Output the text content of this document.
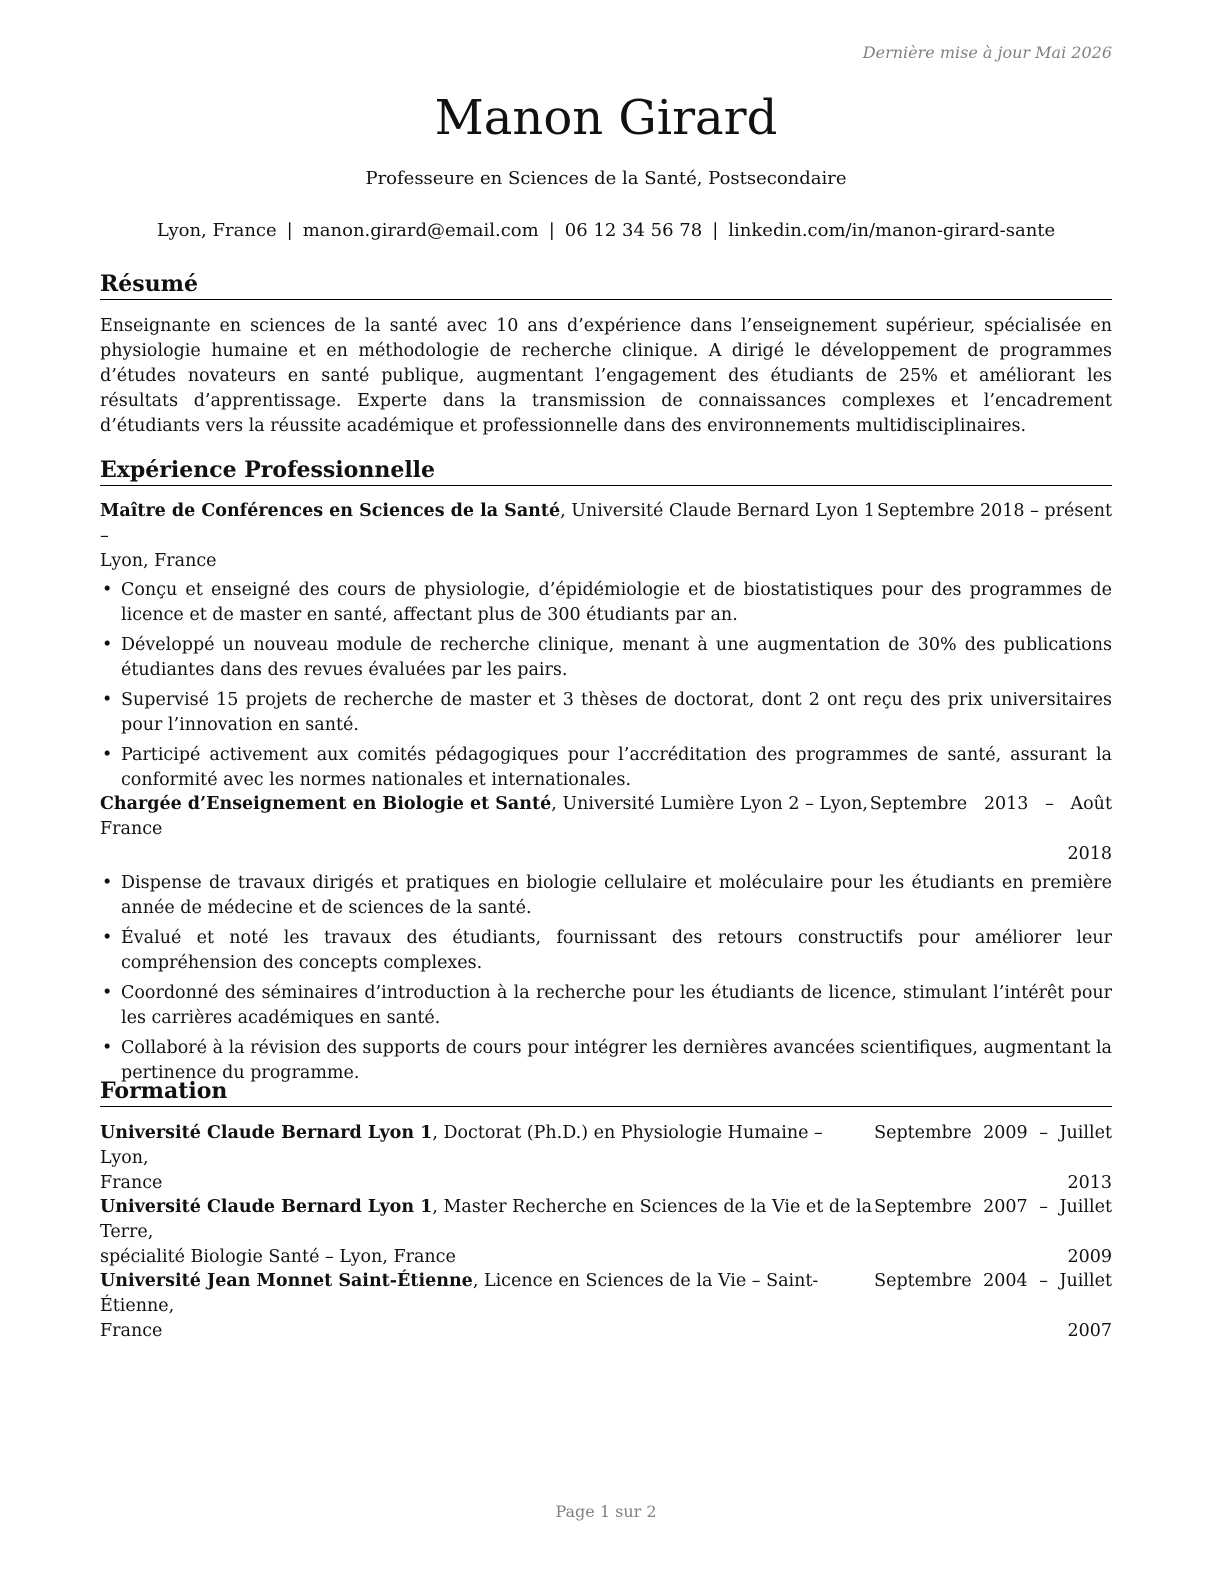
Dernière mise à jour Mai 2026
Manon Girard
Professeure en Sciences de la Santé, Postsecondaire
Lyon, France | manon.girard@email.com | 06 12 34 56 78 | linkedin.com/in/manon-girard-sante
Résumé
Enseignante en sciences de la santé avec 10 ans d’expérience dans l’enseignement supérieur, spécialisée en physiologie humaine et en méthodologie de recherche clinique. A dirigé le développement de programmes d’études novateurs en santé publique, augmentant l’engagement des étudiants de 25% et améliorant les résultats d’apprentissage. Experte dans la transmission de connaissances complexes et l’encadrement d’étudiants vers la réussite académique et professionnelle dans des environnements multidisciplinaires.
Expérience Professionnelle
Septembre 2018 – présent
Maître de Conférences en Sciences de la Santé, Université Claude Bernard Lyon 1 –
Lyon, France
• Conçu et enseigné des cours de physiologie, d’épidémiologie et de biostatistiques pour des programmes de licence et de master en santé, affectant plus de 300 étudiants par an.
• Développé un nouveau module de recherche clinique, menant à une augmentation de 30% des publications étudiantes dans des revues évaluées par les pairs.
• Supervisé 15 projets de recherche de master et 3 thèses de doctorat, dont 2 ont reçu des prix universitaires pour l’innovation en santé.
• Participé activement aux comités pédagogiques pour l’accréditation des programmes de santé, assurant la conformité avec les normes nationales et internationales.
Septembre   2013   –   Août
Chargée d’Enseignement en Biologie et Santé, Université Lumière Lyon 2 – Lyon, France
2018
• Dispense de travaux dirigés et pratiques en biologie cellulaire et moléculaire pour les étudiants en première année de médecine et de sciences de la santé.
• Évalué et noté les travaux des étudiants, fournissant des retours constructifs pour améliorer leur compréhension des concepts complexes.
• Coordonné des séminaires d’introduction à la recherche pour les étudiants de licence, stimulant l’intérêt pour les carrières académiques en santé.
• Collaboré à la révision des supports de cours pour intégrer les dernières avancées scientifiques, augmentant la pertinence du programme.
Formation
Septembre 2009 – Juillet
Université Claude Bernard Lyon 1, Doctorat (Ph.D.) en Physiologie Humaine – Lyon,
2013
France
Septembre 2007 – Juillet
Université Claude Bernard Lyon 1, Master Recherche en Sciences de la Vie et de la Terre,
2009
spécialité Biologie Santé – Lyon, France
Septembre 2004 – Juillet
Université Jean Monnet Saint-Étienne, Licence en Sciences de la Vie – Saint-Étienne,
2007
France
Page 1 sur 2
